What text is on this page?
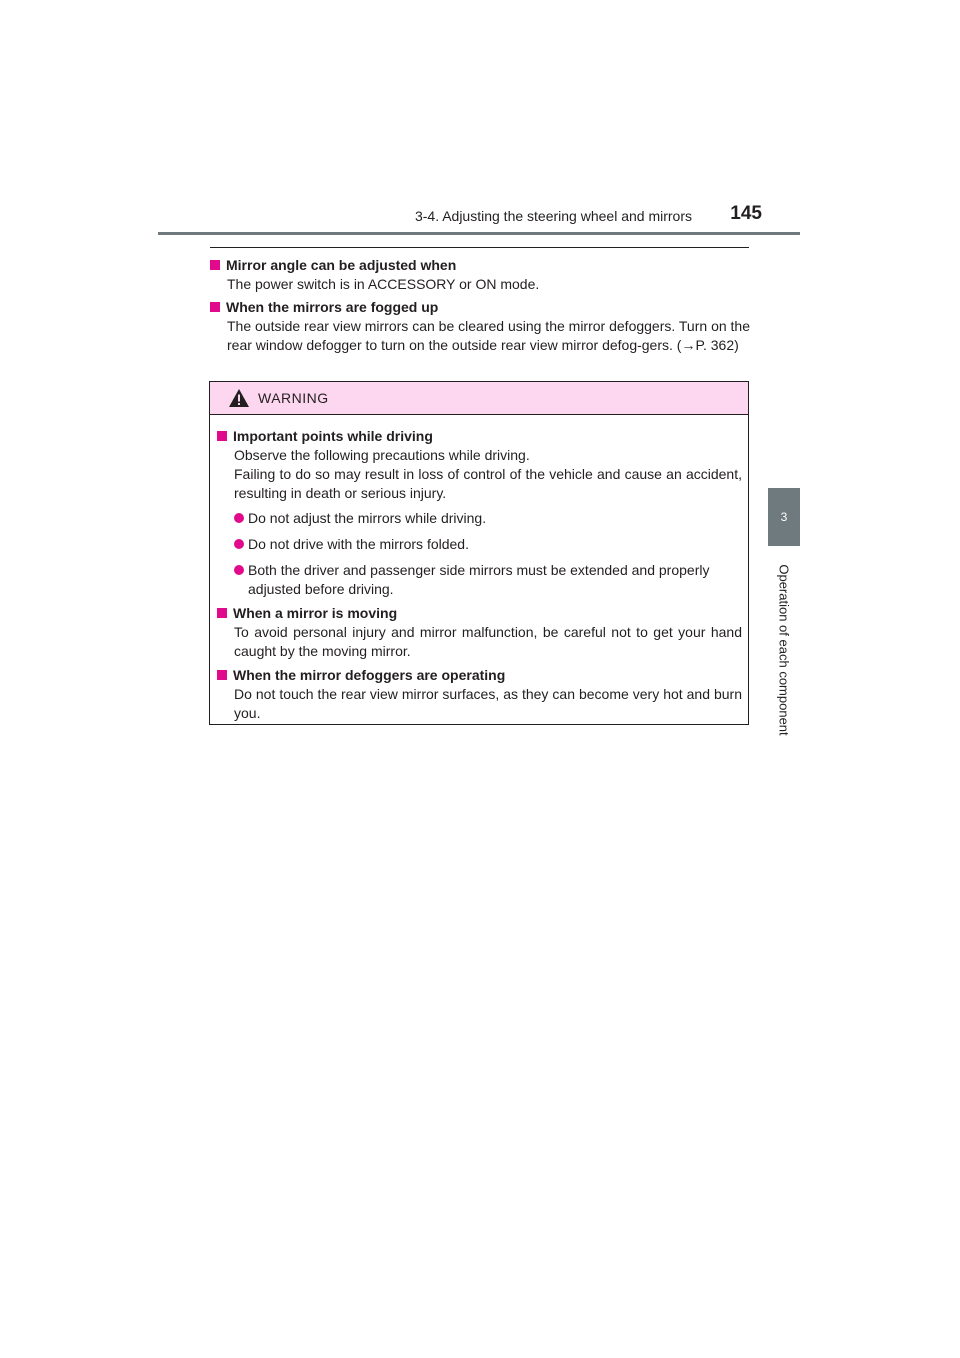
3-4. Adjusting the steering wheel and mirrors	145
3
Operation of each component
Mirror angle can be adjusted when
The power switch is in ACCESSORY or ON mode.
When the mirrors are fogged up
The outside rear view mirrors can be cleared using the mirror defoggers. Turn on the rear window defogger to turn on the outside rear view mirror defog-gers. (→P. 362)
WARNING
Important points while driving
Observe the following precautions while driving.
Failing to do so may result in loss of control of the vehicle and cause an accident, resulting in death or serious injury.
Do not adjust the mirrors while driving.
Do not drive with the mirrors folded.
Both the driver and passenger side mirrors must be extended and properly adjusted before driving.
When a mirror is moving
To avoid personal injury and mirror malfunction, be careful not to get your hand caught by the moving mirror.
When the mirror defoggers are operating
Do not touch the rear view mirror surfaces, as they can become very hot and burn you.
